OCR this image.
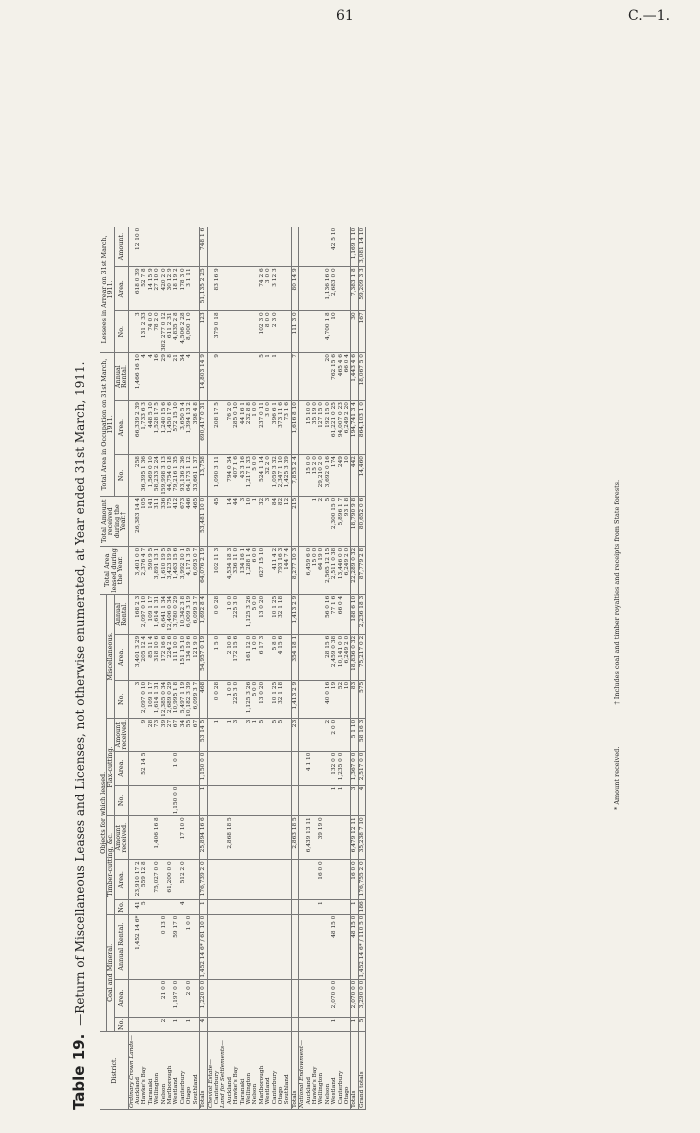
61	C.—1.
Table 19.—Return of Miscellaneous Leases and Licenses, not otherwise enumerated, at Year ended 31st March, 1911.
District.	Objects for which leased.												Total Area leased during the Year.	Total Amount received during the Year.†	Total Area in Occupation on 31st March, 1911.			Lessees in Arrear on 31st March, 1911.		
	Coal and Mineral.			Timber-cutting, &c.			Flax-cutting.			Miscellaneous.										
	No.	Area.	Annual Rental.	No.	Area.	Amount received.	No.	Area.	Amount received.	No.	Area.	Annual Rental.			No.	Area.	Annual Rental.	No.	Area.	Amount.
Ordinary Crown Lands—																				
Auckland			1,452 14 6*	41	23,910 17 2					3	3,401 3 29	168 2 3	3,401 0 0	26,383 14 4	258	66,339 2 39	1,466 16 10	3	618 0 39	12 10 0
Hawke's Bay				5	559 12 8			52 14 5	9	2,097 0 10	205 12 4	2,097 0 10	2,376 4 7	105	36,395 1 36	1,733 6 3	4	131 2 33	52 7 8	
Taranaki									28	109 1 17	85 11 4	109 1 17	590 9 5	141	1,569 0 10	448 5 10	4	74 0 0	14 15 9	
Wellington					75,027 0 0	1,406 16 8			73	1,614 1 31	318 10 6	1,614 1 31	3,891 13 1	311	58,233 2 24	1,528 17 5	16	78 2 0	27 10 0	
Nelson	2	21 0 0	0 13 0						39	12,385 0 34	172 16 6	6,641 1 34	1,610 19 5	336	159,998 3 13	1,240 15 6	29	382 277 0 12	420 2 0	
Marlborough					61,200 0 0				27	2,689 0 29	224 2 6	12,406 0 34	3,423 19 9	175	44,754 0 18	1,450 17 6	8	611 2 31	30 12 9	
Westland	1	1,197 0 0	59 17 0				1,150 0 0	1 0 0	67	10,995 1 8	111 10 0	3,780 0 29	1,463 15 6	412	79,216 1 35	572 15 10	21	4,835 2 8	18 19 2	
Canterbury				4	512 2 0	17 10 0			34	5,497 1 19	151 15 10	10,342 3 8	3,992 10 1	673	93,136 2 36	3,650 5 4	34	4,506 2 28	178 3 0	
Otago	1	2 0 0	1 0 0						55	10,182 3 39	134 19 6	6,009 3 19	4,171 3 9	446	64,173 1 12	1,394 13 2	4	8,000 1 0	3 1 11	
Southland									67	6,099 3 7	121 9 0	6,099 3 7	6,093 0 7	465	33,661 1 37	398 4 8				
Totals	4	1,220 0 0	1,452 14 6* / 61 10 0	1	176,739 2 0	25,894 16 6	1	1,150 0 0	53 14 5	468	54,957 0 19	1,692 8 4	64,076 2 19	53,481 10 0	13,758	690,417 0 31	14,803 14 9	123	51,135 2 25	748 1 6
Cheviot Estate—																				
Canterbury									1	0 0 28	1 5 0	0 0 28	102 11 3	45	1,090 3 11	208 17 5	9	379 0 18	83 16 9	
Land for Settlements—																				
Auckland						2,868 18 5			1	1 0 0	2 10 6	1 0 0	4,534 18 3	14	794 0 34	76 2 0				
Hawke's Bay									3	225 3 0	172 15 6	225 3 0	336 11 0	44	407 1 6	285 0 10				
Taranaki													134 16 1	3	43 3 16	44 16 1				
Wellington									3	1,125 3 26	161 12 0	1,125 3 26	1,288 1 4	10	1,217 1 33	232 8 8				
Nelson									1	5 0 0	1 0 0	5 0 0	6 0 0	1	5 0 0	1 0 0				
Marlborough									5	13 0 20	6 17 3	13 0 20	627 15 10	32	524 1 14	237 0 11	5	102 3 0	74 2 6	
Westland														3	32 2 0	3 0 0	1	8 0 0	3 0 0	
Canterbury									5	10 1 25	5 8 0	10 1 25	411 4 2	84	1,059 3 32	396 6 1	1	2 3 0	3 12 3	
Otago									5	32 1 18	4 15 6	32 1 18	793 16 3	82	2,347 1 10	373 11 6				
Southland													144 7 4	12	1,425 3 39	73 1 6				
Totals						2,863 18 5			23	1,413 2 9	354 18 1	1,413 2 9	8,277 10 3	215	7,853 2 4	1,616 8 10	7	111 3 0	80 14 9	
National Endowment—																				
Auckland						6,439 13 11		4 1 10					6,459 6 0		15 0 0	15 10 0				
Hawke's Bay													15 0 0	1	15 2 0	35 19 0				
Wellington				1	16 0 0	39 19 0							64 19 0	2	29,210 2 0	127 15 0				
Nelson									2	40 0 16	28 15 6	56 0 16	2,565 12 15	5	3,692 0 16	192 15 0	20	4,700 1 8	1,136 16 0	
Westland	1	2,070 0 0	48 15 0				1	132 0 0	2 0 0	19	2,459 0 38	77 1 6	2,511 0 38	2,300 15 0	174	61,221 0 25	762 15 6	10	2,683 0 0	42 5 10
Canterbury							1	1,235 0 0		52	10,141 0 0	66 0 4	13,446 0 0	5,896 1 7	249	94,007 0 23	465 4 6			
Otago										10	6,249 2 0		6,249 2 0	93 1 8	10	6,249 2 20	66 0 4			
Totals	1	2,070 0 0	48 15 0	1	16 0 0	6,479 12 11	3	1,367 0 0	5 1 10	83	18,836 0 32	188 6 10	22,289 0 32	18,790 9 8	442	194,741 3 4	1,443 4 6	30	7,383 1 8	1,169 1 10
Grand totals	5	3,290 0 0	1,452 14 6* / 110 5 0	186	176,755 2 0	35,238 7 10	4	2,517 0 0	58 16 3	575	75,217 0 2	2,236 18 3	87,779 2 8	80,652 0 6	14,460	864,103 1 0	18,067 5 0	167	59,209 3 3	3,081 14 10
* Amount received. † Includes coal and timber royalties and receipts from State forests.
